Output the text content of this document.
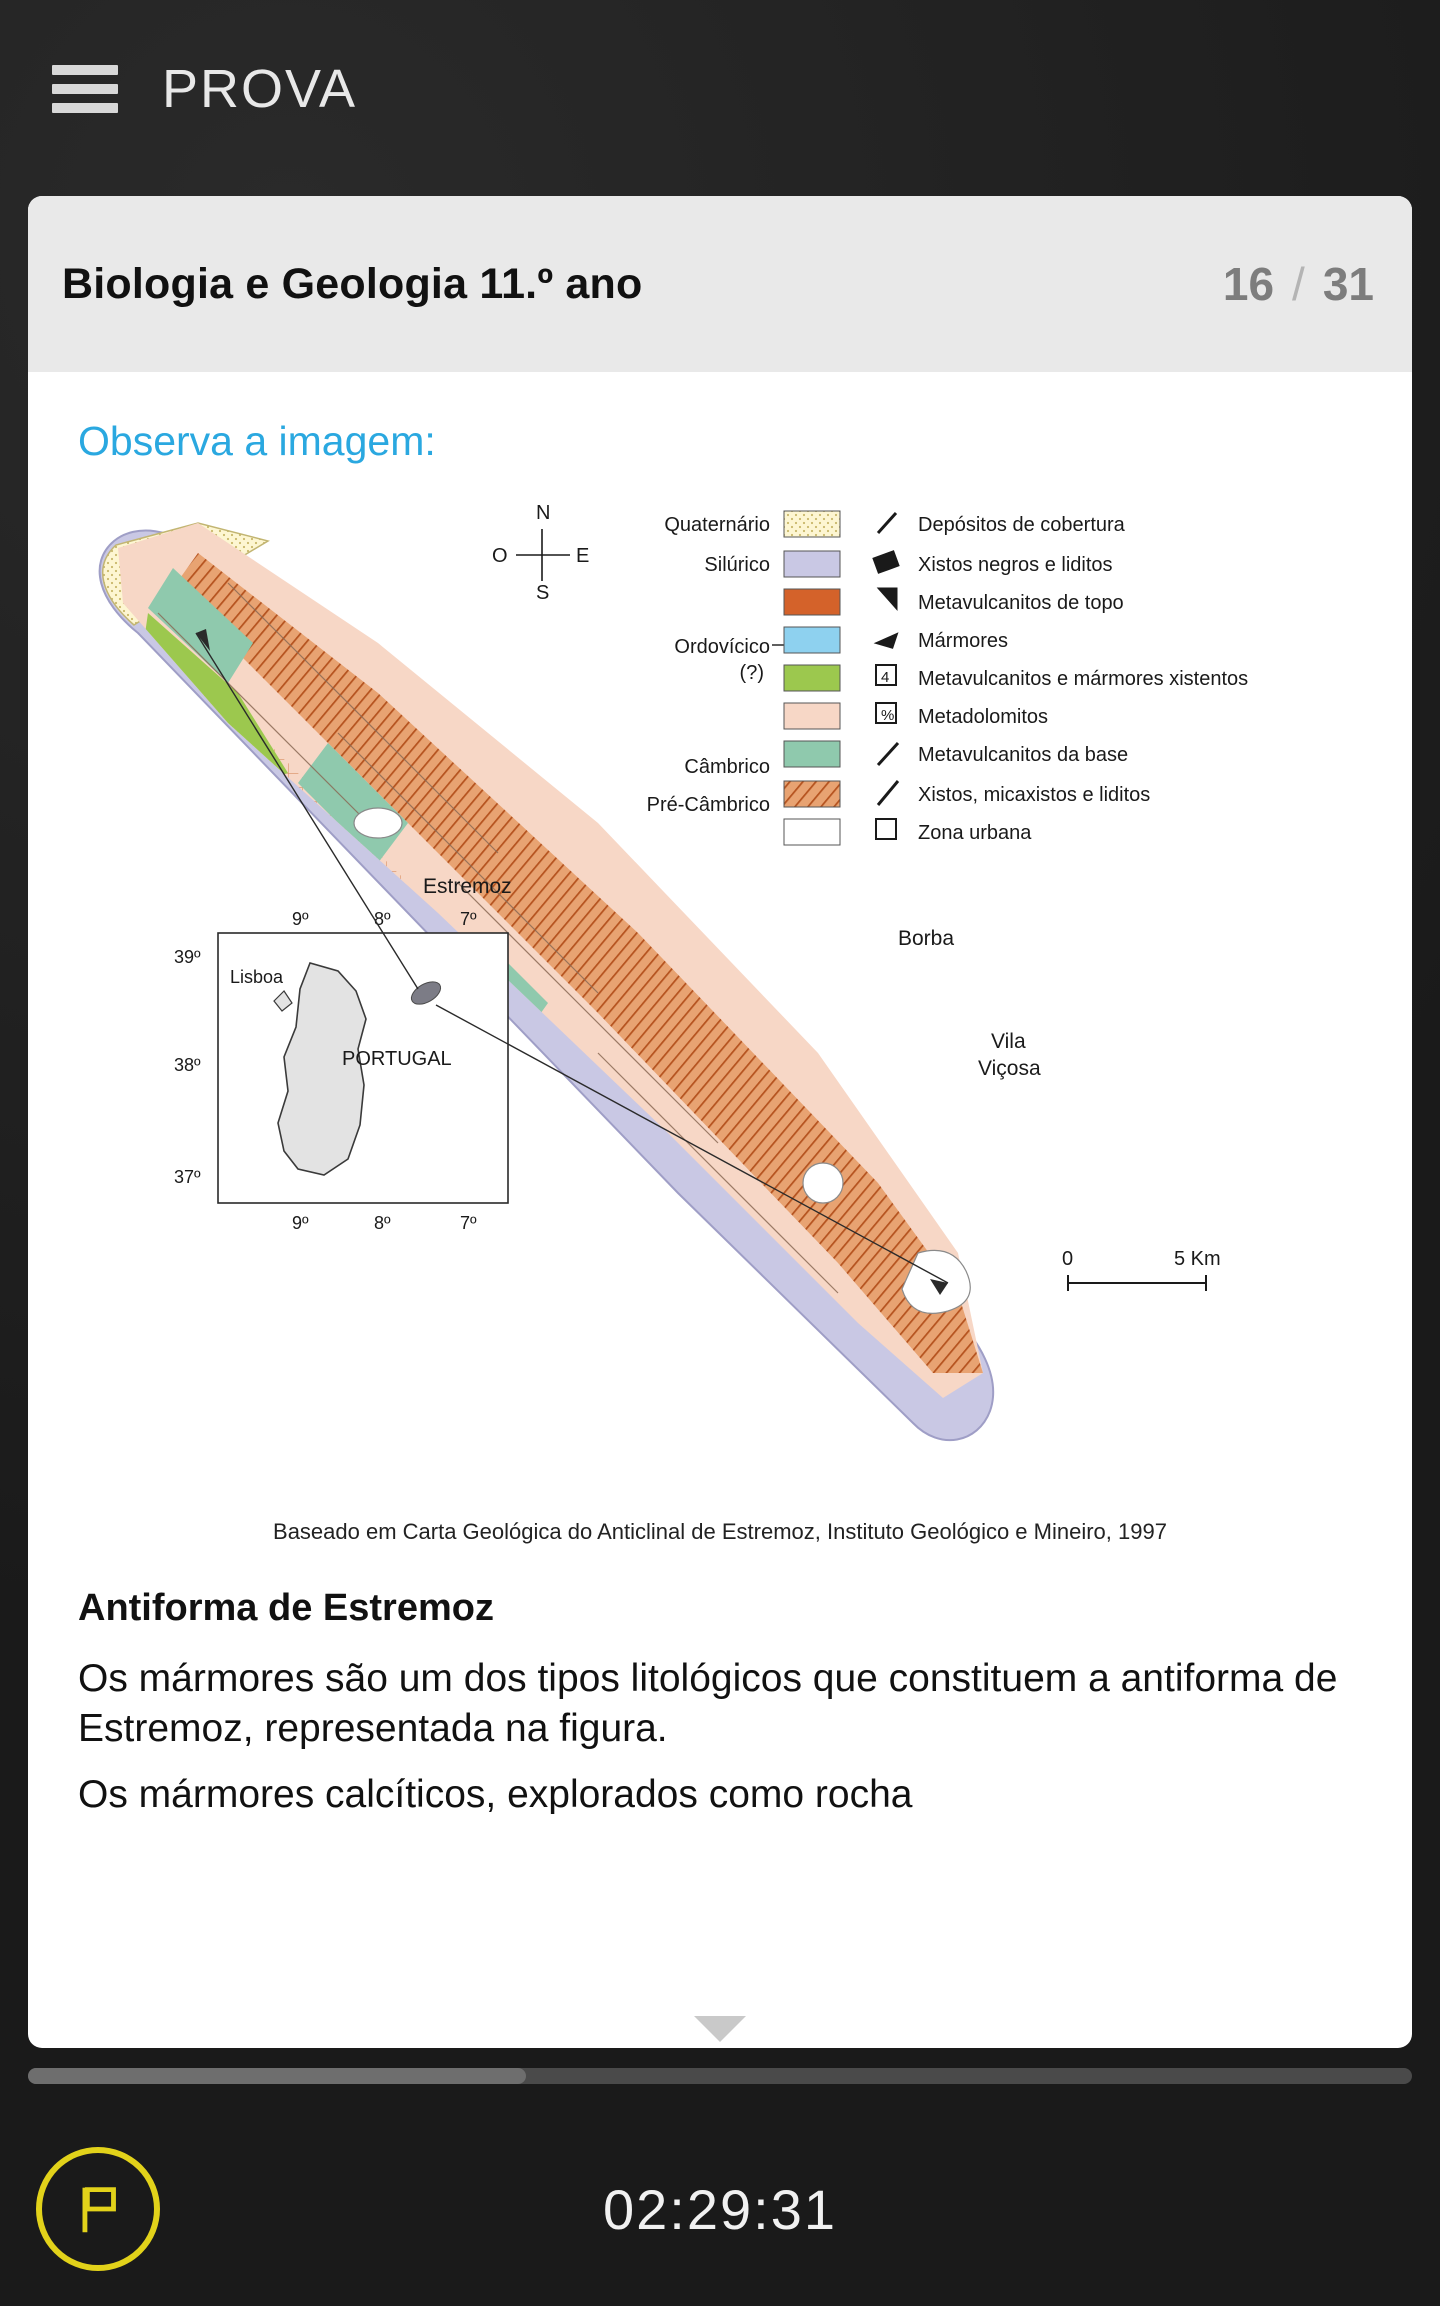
PROVA
Biologia e Geologia 11.º ano	16 / 31
Observa a imagem:
Estremoz
Borba
Vila
Viçosa
N
S
O	E
PORTUGAL
Lisboa
39º
38º
37º
9º	8º	7º
9º	8º	7º
0	5 Km
Quaternário
Silúrico
Ordovícico
(?)
Câmbrico
Pré-Câmbrico
4
%
Depósitos de cobertura
Xistos negros e liditos
Metavulcanitos de topo
Mármores
Metavulcanitos e mármores xistentos
Metadolomitos
Metavulcanitos da base
Xistos, micaxistos e liditos
Zona urbana
Baseado em Carta Geológica do Anticlinal de Estremoz, Instituto Geológico e Mineiro, 1997
Antiforma de Estremoz
Os mármores são um dos tipos litológicos que constituem a antiforma de Estremoz, representada na figura.
Os mármores calcíticos, explorados como rocha
02:29:31
